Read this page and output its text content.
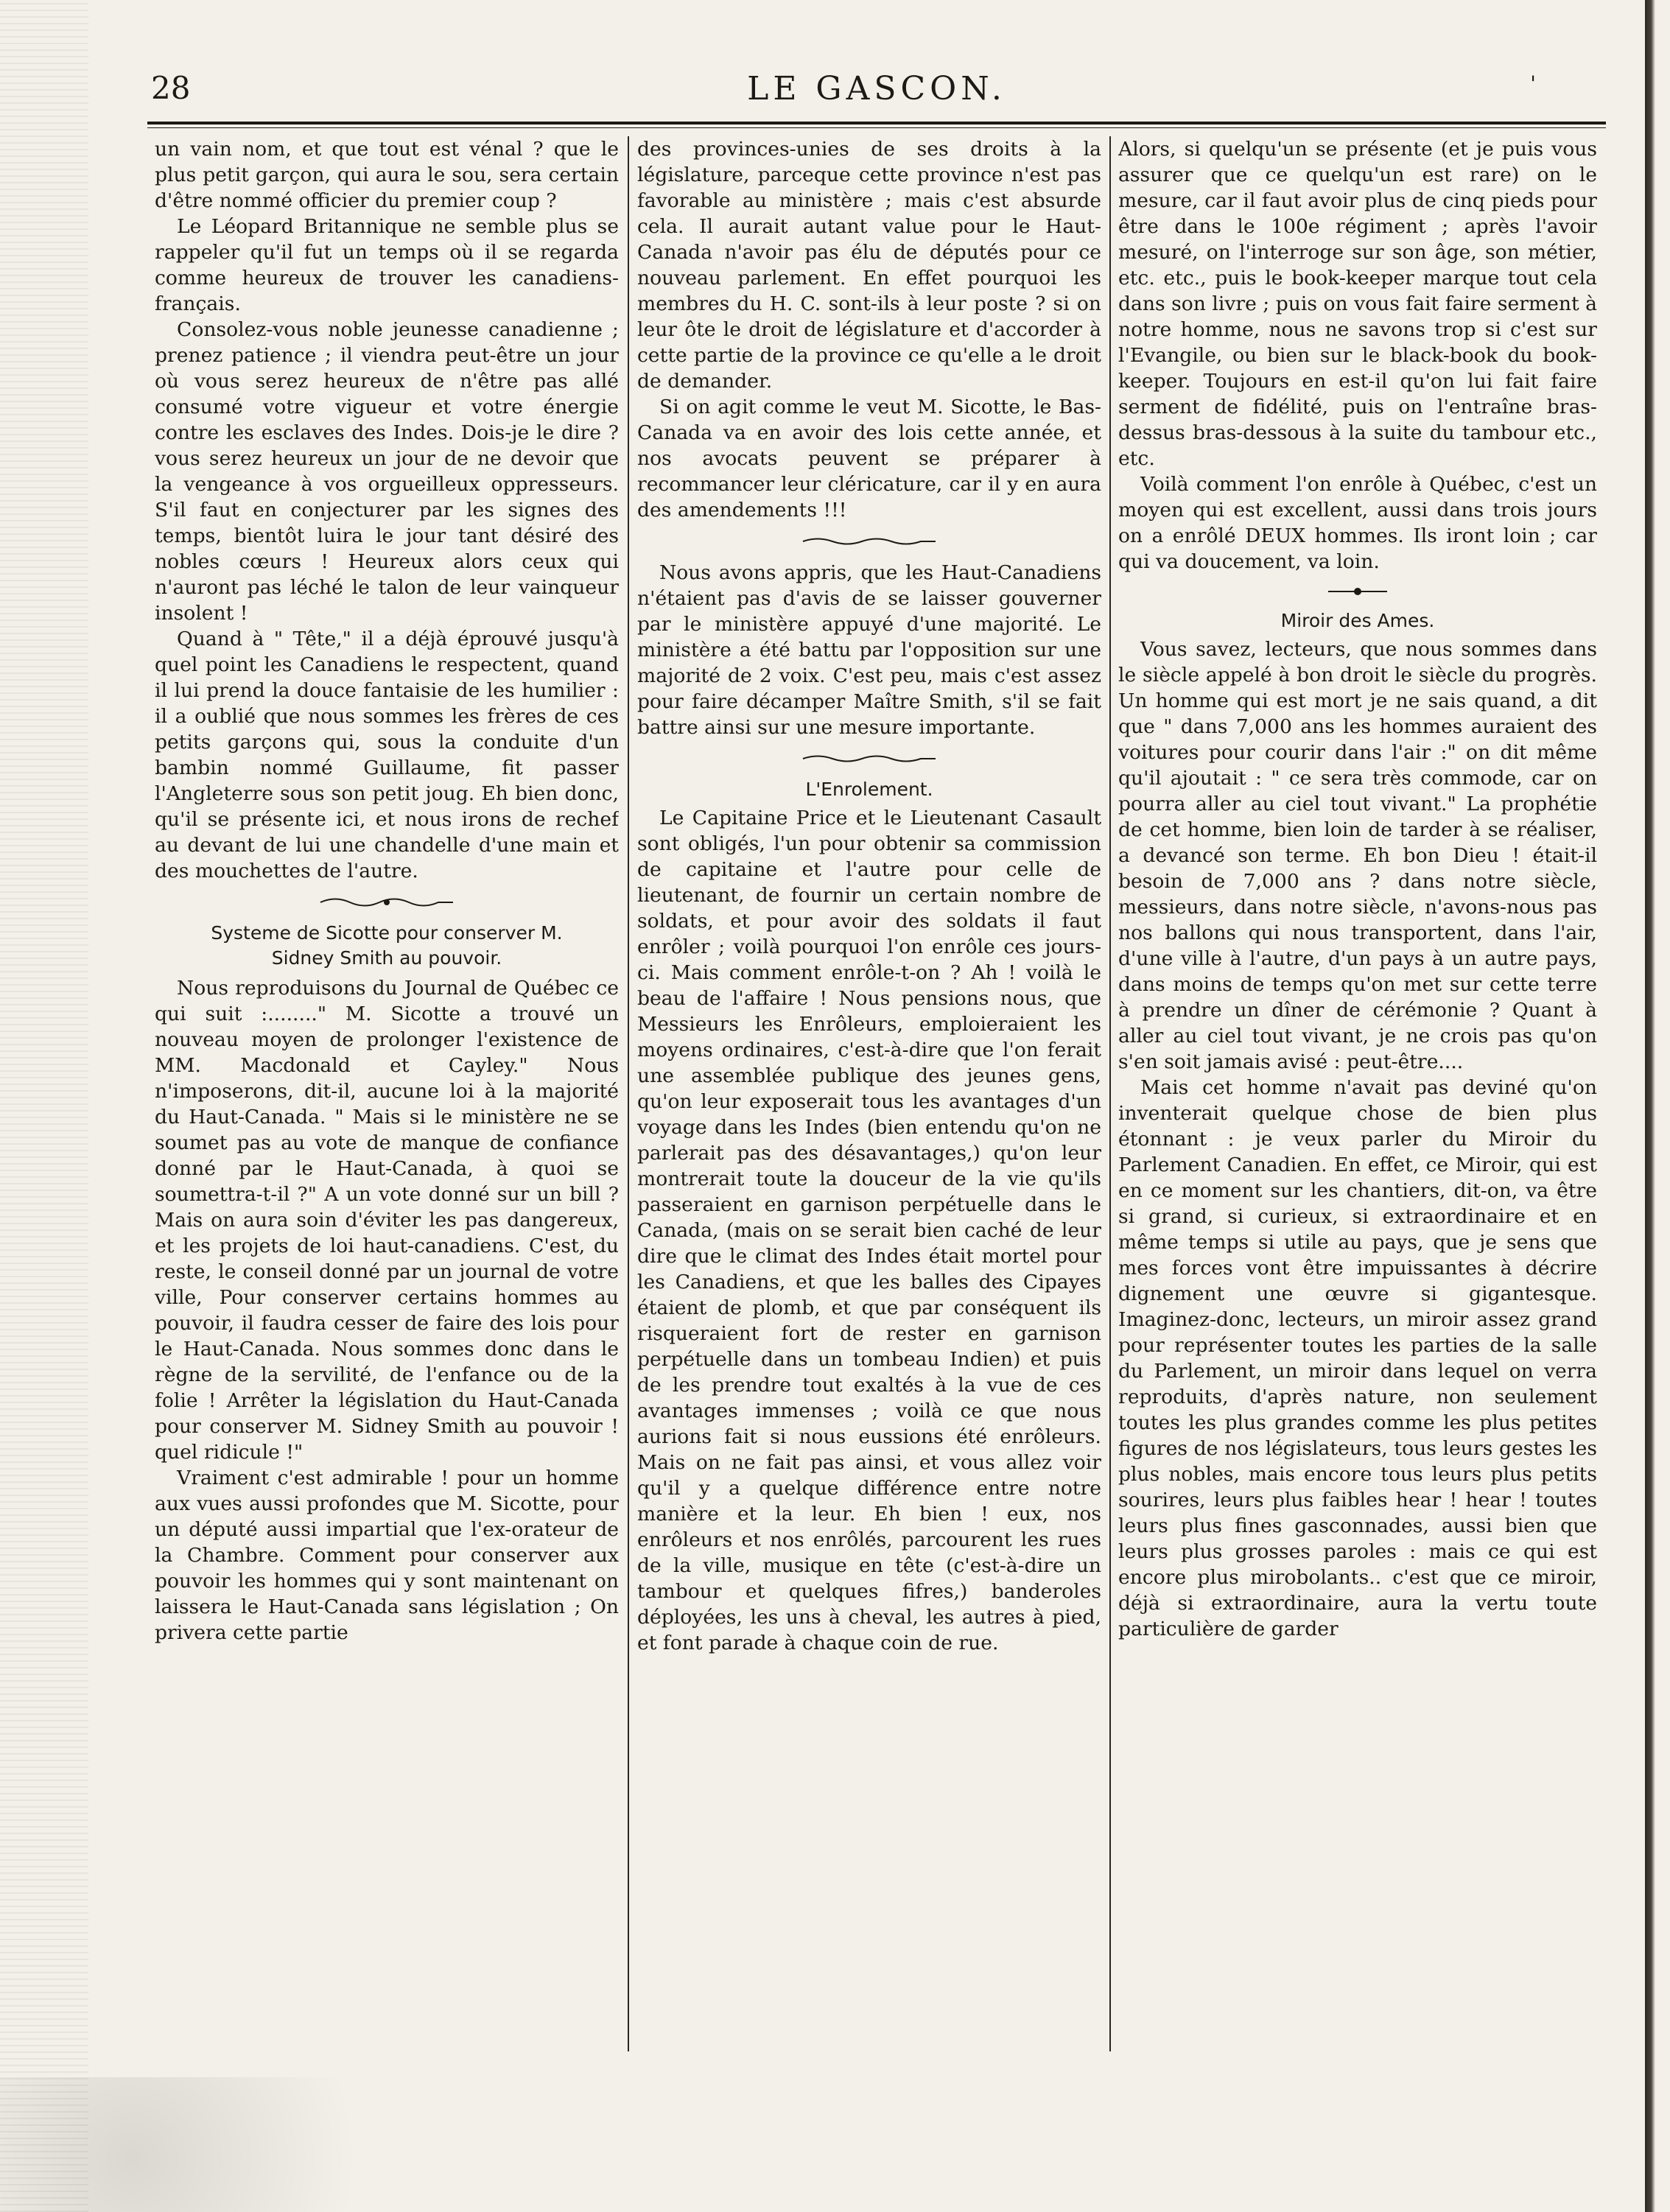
28	LE GASCON.	'

un vain nom, et que tout est vénal ? que le plus petit garçon, qui aura le sou, sera certain d'être nommé officier du premier coup ?

Le Léopard Britannique ne semble plus se rappeler qu'il fut un temps où il se regarda comme heureux de trouver les canadiens-français.

Consolez-vous noble jeunesse canadienne ; prenez patience ; il viendra peut-être un jour où vous serez heureux de n'être pas allé consumé votre vigueur et votre énergie contre les esclaves des Indes. Dois-je le dire ? vous serez heureux un jour de ne devoir que la vengeance à vos orgueilleux oppresseurs. S'il faut en conjecturer par les signes des temps, bientôt luira le jour tant désiré des nobles cœurs ! Heureux alors ceux qui n'auront pas léché le talon de leur vainqueur insolent !

Quand à " Tête," il a déjà éprouvé jusqu'à quel point les Canadiens le respectent, quand il lui prend la douce fantaisie de les humilier : il a oublié que nous sommes les frères de ces petits garçons qui, sous la conduite d'un bambin nommé Guillaume, fit passer l'Angleterre sous son petit joug. Eh bien donc, qu'il se présente ici, et nous irons de rechef au devant de lui une chandelle d'une main et des mouchettes de l'autre.

Systeme de Sicotte pour conserver M.
Sidney Smith au pouvoir.

Nous reproduisons du Journal de Québec ce qui suit :........" M. Sicotte a trouvé un nouveau moyen de prolonger l'existence de MM. Macdonald et Cayley." Nous n'imposerons, dit-il, aucune loi à la majorité du Haut-Canada. " Mais si le ministère ne se soumet pas au vote de manque de confiance donné par le Haut-Canada, à quoi se soumettra-t-il ?" A un vote donné sur un bill ? Mais on aura soin d'éviter les pas dangereux, et les projets de loi haut-canadiens. C'est, du reste, le conseil donné par un journal de votre ville, Pour conserver certains hommes au pouvoir, il faudra cesser de faire des lois pour le Haut-Canada. Nous sommes donc dans le règne de la servilité, de l'enfance ou de la folie ! Arrêter la législation du Haut-Canada pour conserver M. Sidney Smith au pouvoir ! quel ridicule !"

Vraiment c'est admirable ! pour un homme aux vues aussi profondes que M. Sicotte, pour un député aussi impartial que l'ex-orateur de la Chambre. Comment pour conserver aux pouvoir les hommes qui y sont maintenant on laissera le Haut-Canada sans législation ; On privera cette partie

des provinces-unies de ses droits à la législature, parceque cette province n'est pas favorable au ministère ; mais c'est absurde cela. Il aurait autant value pour le Haut-Canada n'avoir pas élu de députés pour ce nouveau parlement. En effet pourquoi les membres du H. C. sont-ils à leur poste ? si on leur ôte le droit de législature et d'accorder à cette partie de la province ce qu'elle a le droit de demander.

Si on agit comme le veut M. Sicotte, le Bas-Canada va en avoir des lois cette année, et nos avocats peuvent se préparer à recommancer leur cléricature, car il y en aura des amendements !!!

Nous avons appris, que les Haut-Canadiens n'étaient pas d'avis de se laisser gouverner par le ministère appuyé d'une majorité. Le ministère a été battu par l'opposition sur une majorité de 2 voix. C'est peu, mais c'est assez pour faire décamper Maître Smith, s'il se fait battre ainsi sur une mesure importante.

L'Enrolement.

Le Capitaine Price et le Lieutenant Casault sont obligés, l'un pour obtenir sa commission de capitaine et l'autre pour celle de lieutenant, de fournir un certain nombre de soldats, et pour avoir des soldats il faut enrôler ; voilà pourquoi l'on enrôle ces jours-ci. Mais comment enrôle-t-on ? Ah ! voilà le beau de l'affaire ! Nous pensions nous, que Messieurs les Enrôleurs, emploieraient les moyens ordinaires, c'est-à-dire que l'on ferait une assemblée publique des jeunes gens, qu'on leur exposerait tous les avantages d'un voyage dans les Indes (bien entendu qu'on ne parlerait pas des désavantages,) qu'on leur montrerait toute la douceur de la vie qu'ils passeraient en garnison perpétuelle dans le Canada, (mais on se serait bien caché de leur dire que le climat des Indes était mortel pour les Canadiens, et que les balles des Cipayes étaient de plomb, et que par conséquent ils risqueraient fort de rester en garnison perpétuelle dans un tombeau Indien) et puis de les prendre tout exaltés à la vue de ces avantages immenses ; voilà ce que nous aurions fait si nous eussions été enrôleurs. Mais on ne fait pas ainsi, et vous allez voir qu'il y a quelque différence entre notre manière et la leur. Eh bien ! eux, nos enrôleurs et nos enrôlés, parcourent les rues de la ville, musique en tête (c'est-à-dire un tambour et quelques fifres,) banderoles déployées, les uns à cheval, les autres à pied, et font parade à chaque coin de rue.

Alors, si quelqu'un se présente (et je puis vous assurer que ce quelqu'un est rare) on le mesure, car il faut avoir plus de cinq pieds pour être dans le 100e régiment ; après l'avoir mesuré, on l'interroge sur son âge, son métier, etc. etc., puis le book-keeper marque tout cela dans son livre ; puis on vous fait faire serment à notre homme, nous ne savons trop si c'est sur l'Evangile, ou bien sur le black-book du book-keeper. Toujours en est-il qu'on lui fait faire serment de fidélité, puis on l'entraîne bras-dessus bras-dessous à la suite du tambour etc., etc.

Voilà comment l'on enrôle à Québec, c'est un moyen qui est excellent, aussi dans trois jours on a enrôlé DEUX hommes. Ils iront loin ; car qui va doucement, va loin.

Miroir des Ames.

Vous savez, lecteurs, que nous sommes dans le siècle appelé à bon droit le siècle du progrès. Un homme qui est mort je ne sais quand, a dit que " dans 7,000 ans les hommes auraient des voitures pour courir dans l'air :" on dit même qu'il ajoutait : " ce sera très commode, car on pourra aller au ciel tout vivant." La prophétie de cet homme, bien loin de tarder à se réaliser, a devancé son terme. Eh bon Dieu ! était-il besoin de 7,000 ans ? dans notre siècle, messieurs, dans notre siècle, n'avons-nous pas nos ballons qui nous transportent, dans l'air, d'une ville à l'autre, d'un pays à un autre pays, dans moins de temps qu'on met sur cette terre à prendre un dîner de cérémonie ? Quant à aller au ciel tout vivant, je ne crois pas qu'on s'en soit jamais avisé : peut-être....

Mais cet homme n'avait pas deviné qu'on inventerait quelque chose de bien plus étonnant : je veux parler du Miroir du Parlement Canadien. En effet, ce Miroir, qui est en ce moment sur les chantiers, dit-on, va être si grand, si curieux, si extraordinaire et en même temps si utile au pays, que je sens que mes forces vont être impuissantes à décrire dignement une œuvre si gigantesque. Imaginez-donc, lecteurs, un miroir assez grand pour représenter toutes les parties de la salle du Parlement, un miroir dans lequel on verra reproduits, d'après nature, non seulement toutes les plus grandes comme les plus petites figures de nos législateurs, tous leurs gestes les plus nobles, mais encore tous leurs plus petits sourires, leurs plus faibles hear ! hear ! toutes leurs plus fines gasconnades, aussi bien que leurs plus grosses paroles : mais ce qui est encore plus mirobolants.. c'est que ce miroir, déjà si extraordinaire, aura la vertu toute particulière de garder
